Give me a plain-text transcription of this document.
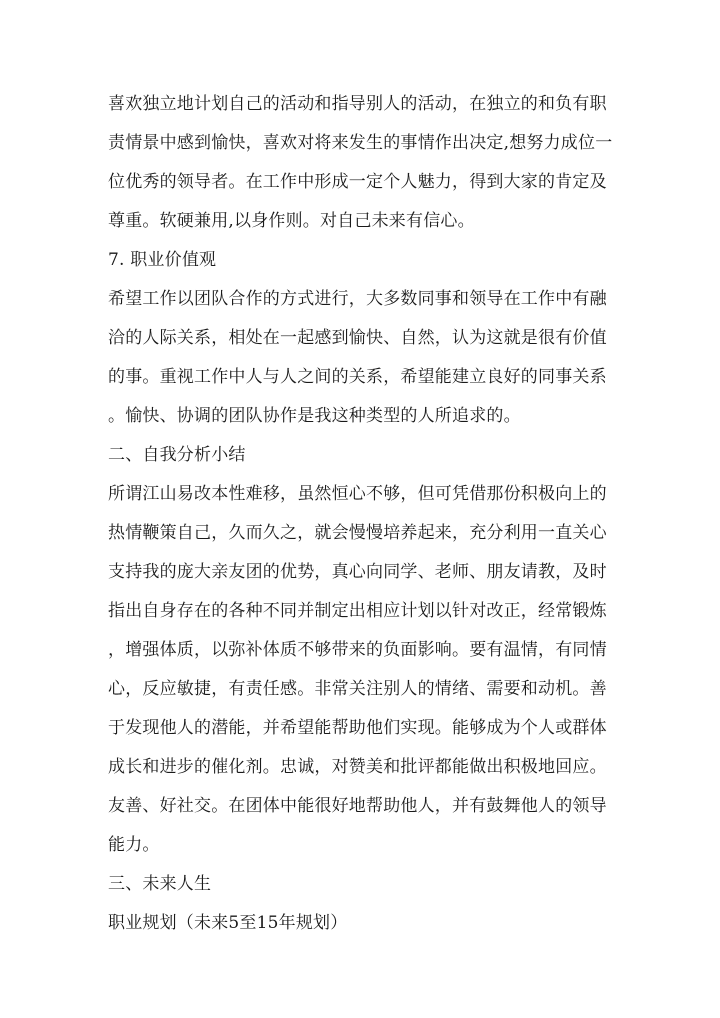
喜欢独立地计划自己的活动和指导别人的活动，在独立的和负有职
责情景中感到愉快，喜欢对将来发生的事情作出决定,想努力成位一
位优秀的领导者。在工作中形成一定个人魅力，得到大家的肯定及
尊重。软硬兼用,以身作则。对自己未来有信心。
7. 职业价值观
希望工作以团队合作的方式进行，大多数同事和领导在工作中有融
洽的人际关系，相处在一起感到愉快、自然，认为这就是很有价值
的事。重视工作中人与人之间的关系，希望能建立良好的同事关系
。愉快、协调的团队协作是我这种类型的人所追求的。
二、自我分析小结
所谓江山易改本性难移，虽然恒心不够，但可凭借那份积极向上的
热情鞭策自己，久而久之，就会慢慢培养起来，充分利用一直关心
支持我的庞大亲友团的优势，真心向同学、老师、朋友请教，及时
指出自身存在的各种不同并制定出相应计划以针对改正，经常锻炼
，增强体质，以弥补体质不够带来的负面影响。要有温情，有同情
心，反应敏捷，有责任感。非常关注别人的情绪、需要和动机。善
于发现他人的潜能，并希望能帮助他们实现。能够成为个人或群体
成长和进步的催化剂。忠诚，对赞美和批评都能做出积极地回应。
友善、好社交。在团体中能很好地帮助他人，并有鼓舞他人的领导
能力。
三、未来人生
职业规划（未来5至15年规划）
